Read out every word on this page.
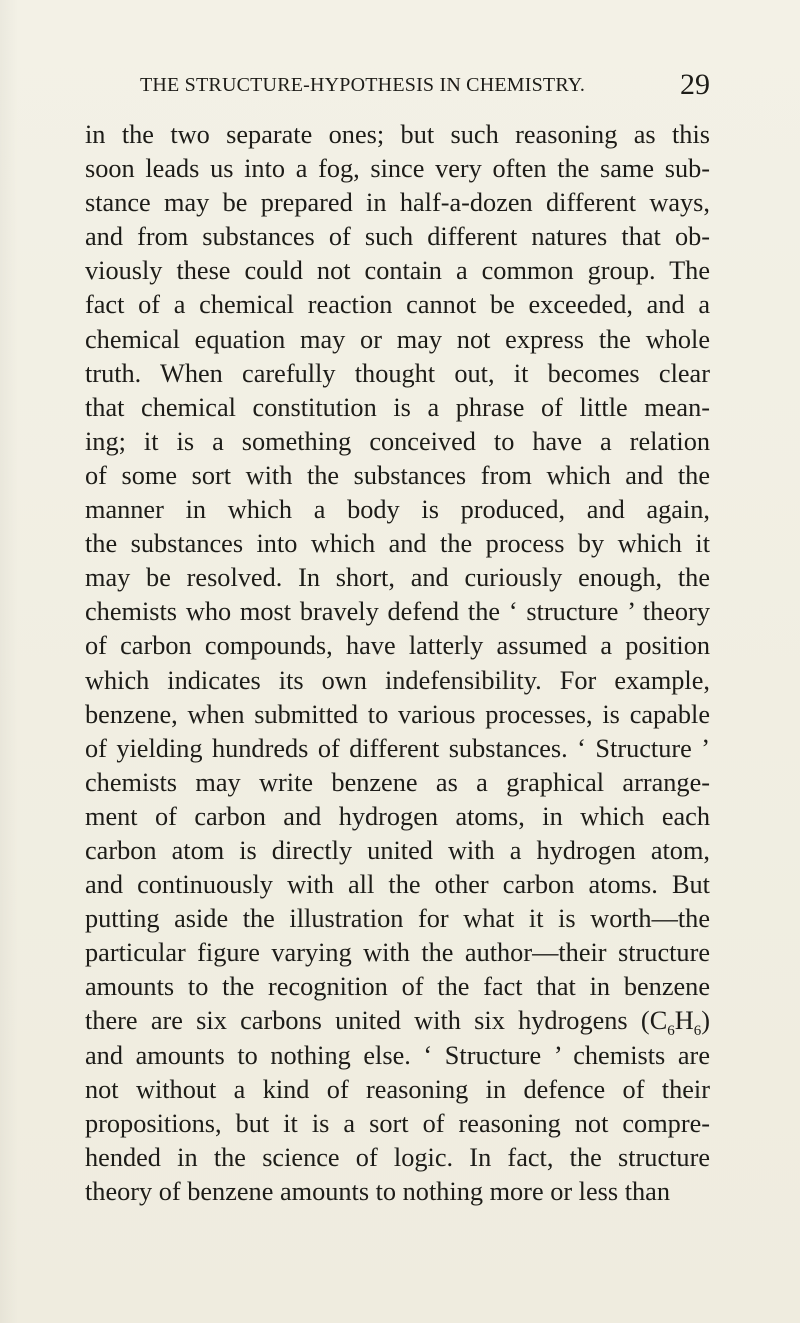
THE STRUCTURE-HYPOTHESIS IN CHEMISTRY.	29
in the two separate ones; but such reasoning as this
soon leads us into a fog, since very often the same sub-
stance may be prepared in half-a-dozen different ways,
and from substances of such different natures that ob-
viously these could not contain a common group. The
fact of a chemical reaction cannot be exceeded, and a
chemical equation may or may not express the whole
truth. When carefully thought out, it becomes clear
that chemical constitution is a phrase of little mean-
ing; it is a something conceived to have a relation
of some sort with the substances from which and the
manner in which a body is produced, and again,
the substances into which and the process by which it
may be resolved. In short, and curiously enough, the
chemists who most bravely defend the ‘ structure ’ theory
of carbon compounds, have latterly assumed a position
which indicates its own indefensibility. For example,
benzene, when submitted to various processes, is capable
of yielding hundreds of different substances. ‘ Structure ’
chemists may write benzene as a graphical arrange-
ment of carbon and hydrogen atoms, in which each
carbon atom is directly united with a hydrogen atom,
and continuously with all the other carbon atoms. But
putting aside the illustration for what it is worth—the
particular figure varying with the author—their structure
amounts to the recognition of the fact that in benzene
there are six carbons united with six hydrogens $(C_6H_6)$
and amounts to nothing else. ‘ Structure ’ chemists are
not without a kind of reasoning in defence of their
propositions, but it is a sort of reasoning not compre-
hended in the science of logic. In fact, the structure
theory of benzene amounts to nothing more or less than
